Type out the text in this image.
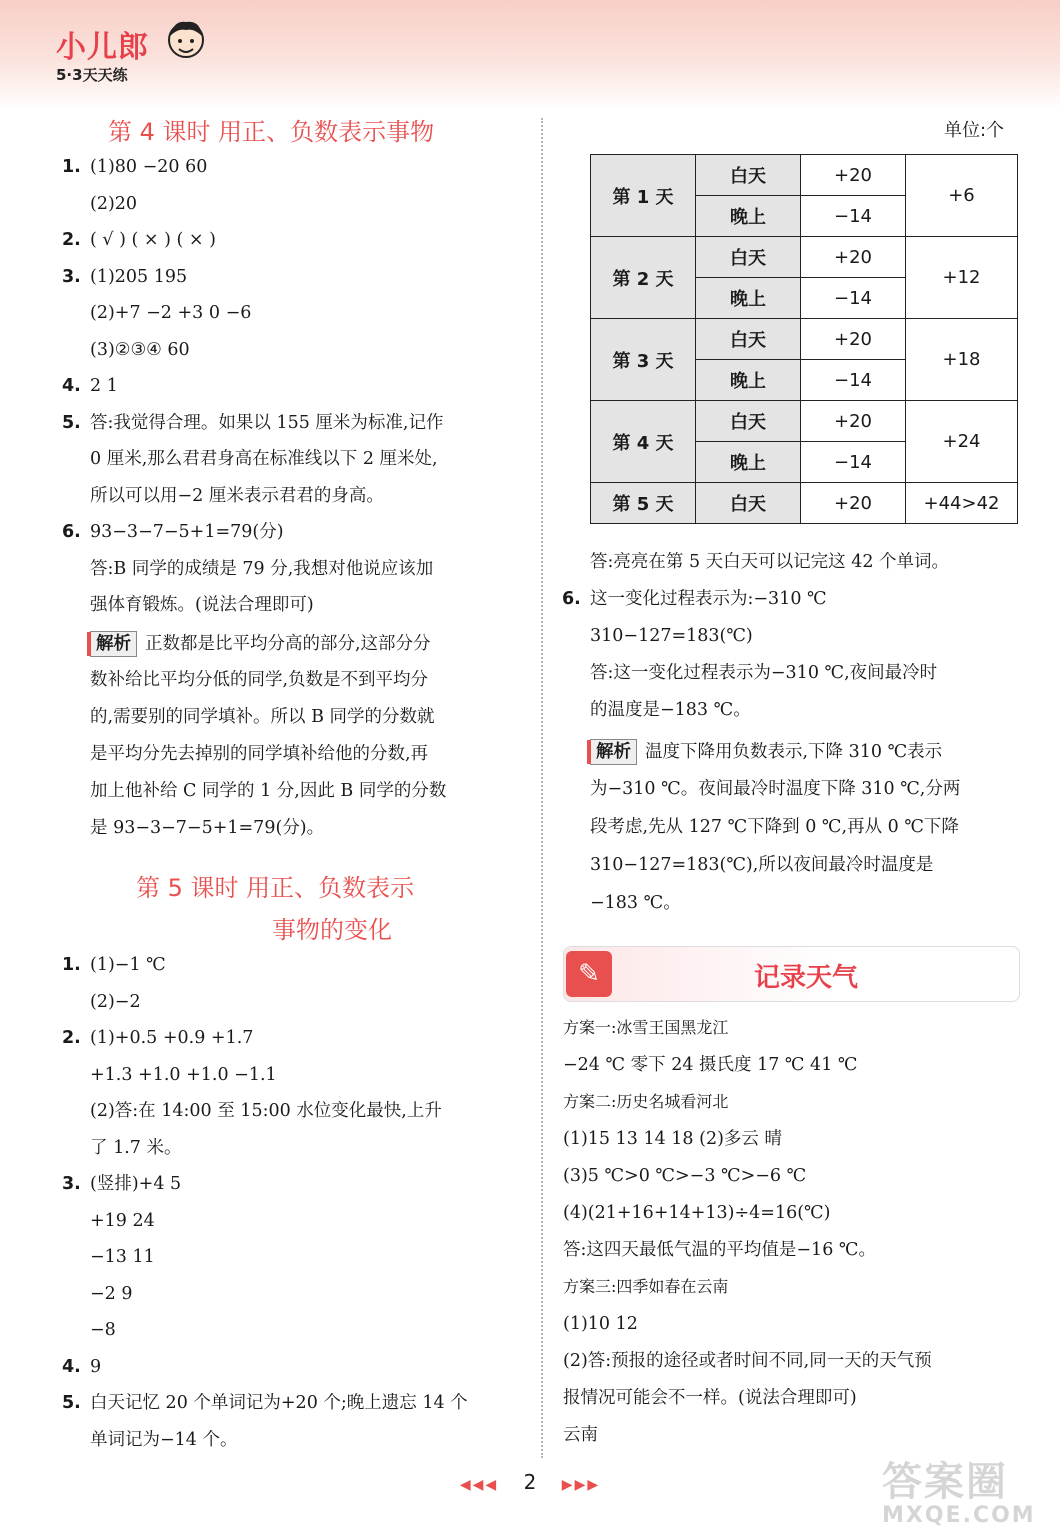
小儿郎
5·3天天练
第 4 课时 用正、负数表示事物
1. (1)80 −20 60
(2)20
2. ( √ ) ( × ) ( × )
3. (1)205 195
(2)+7 −2 +3 0 −6
(3)②③④ 60
4. 2 1
5. 答:我觉得合理。如果以 155 厘米为标准,记作
0 厘米,那么君君身高在标准线以下 2 厘米处,
所以可以用−2 厘米表示君君的身高。
6. 93−3−7−5+1=79(分)
答:B 同学的成绩是 79 分,我想对他说应该加
强体育锻炼。(说法合理即可)
解析 正数都是比平均分高的部分,这部分分
数补给比平均分低的同学,负数是不到平均分
的,需要别的同学填补。所以 B 同学的分数就
是平均分先去掉别的同学填补给他的分数,再
加上他补给 C 同学的 1 分,因此 B 同学的分数
是 93−3−7−5+1=79(分)。
第 5 课时 用正、负数表示
事物的变化
1. (1)−1 ℃
(2)−2
2. (1)+0.5 +0.9 +1.7
+1.3 +1.0 +1.0 −1.1
(2)答:在 14:00 至 15:00 水位变化最快,上升
了 1.7 米。
3. (竖排)+4 5
+19 24
−13 11
−2 9
−8
4. 9
5. 白天记忆 20 个单词记为+20 个;晚上遗忘 14 个
单词记为−14 个。
单位:个
第 1 天	白天	+20	+6
	晚上	−14	
第 2 天	白天	+20	+12
	晚上	−14	
第 3 天	白天	+20	+18
	晚上	−14	
第 4 天	白天	+20	+24
	晚上	−14	
第 5 天	白天	+20	+44>42
答:亮亮在第 5 天白天可以记完这 42 个单词。
6. 这一变化过程表示为:−310 ℃
310−127=183(℃)
答:这一变化过程表示为−310 ℃,夜间最冷时
的温度是−183 ℃。
解析 温度下降用负数表示,下降 310 ℃表示
为−310 ℃。夜间最冷时温度下降 310 ℃,分两
段考虑,先从 127 ℃下降到 0 ℃,再从 0 ℃下降
310−127=183(℃),所以夜间最冷时温度是
−183 ℃。
✎	记录天气
方案一:冰雪王国黑龙江
−24 ℃ 零下 24 摄氏度 17 ℃ 41 ℃
方案二:历史名城看河北
(1)15 13 14 18 (2)多云 晴
(3)5 ℃>0 ℃>−3 ℃>−6 ℃
(4)(21+16+14+13)÷4=16(℃)
答:这四天最低气温的平均值是−16 ℃。
方案三:四季如春在云南
(1)10 12
(2)答:预报的途径或者时间不同,同一天的天气预
报情况可能会不一样。(说法合理即可)
云南
◀◀◀ 2 ▶▶▶	答案圈
MXQE.COM
